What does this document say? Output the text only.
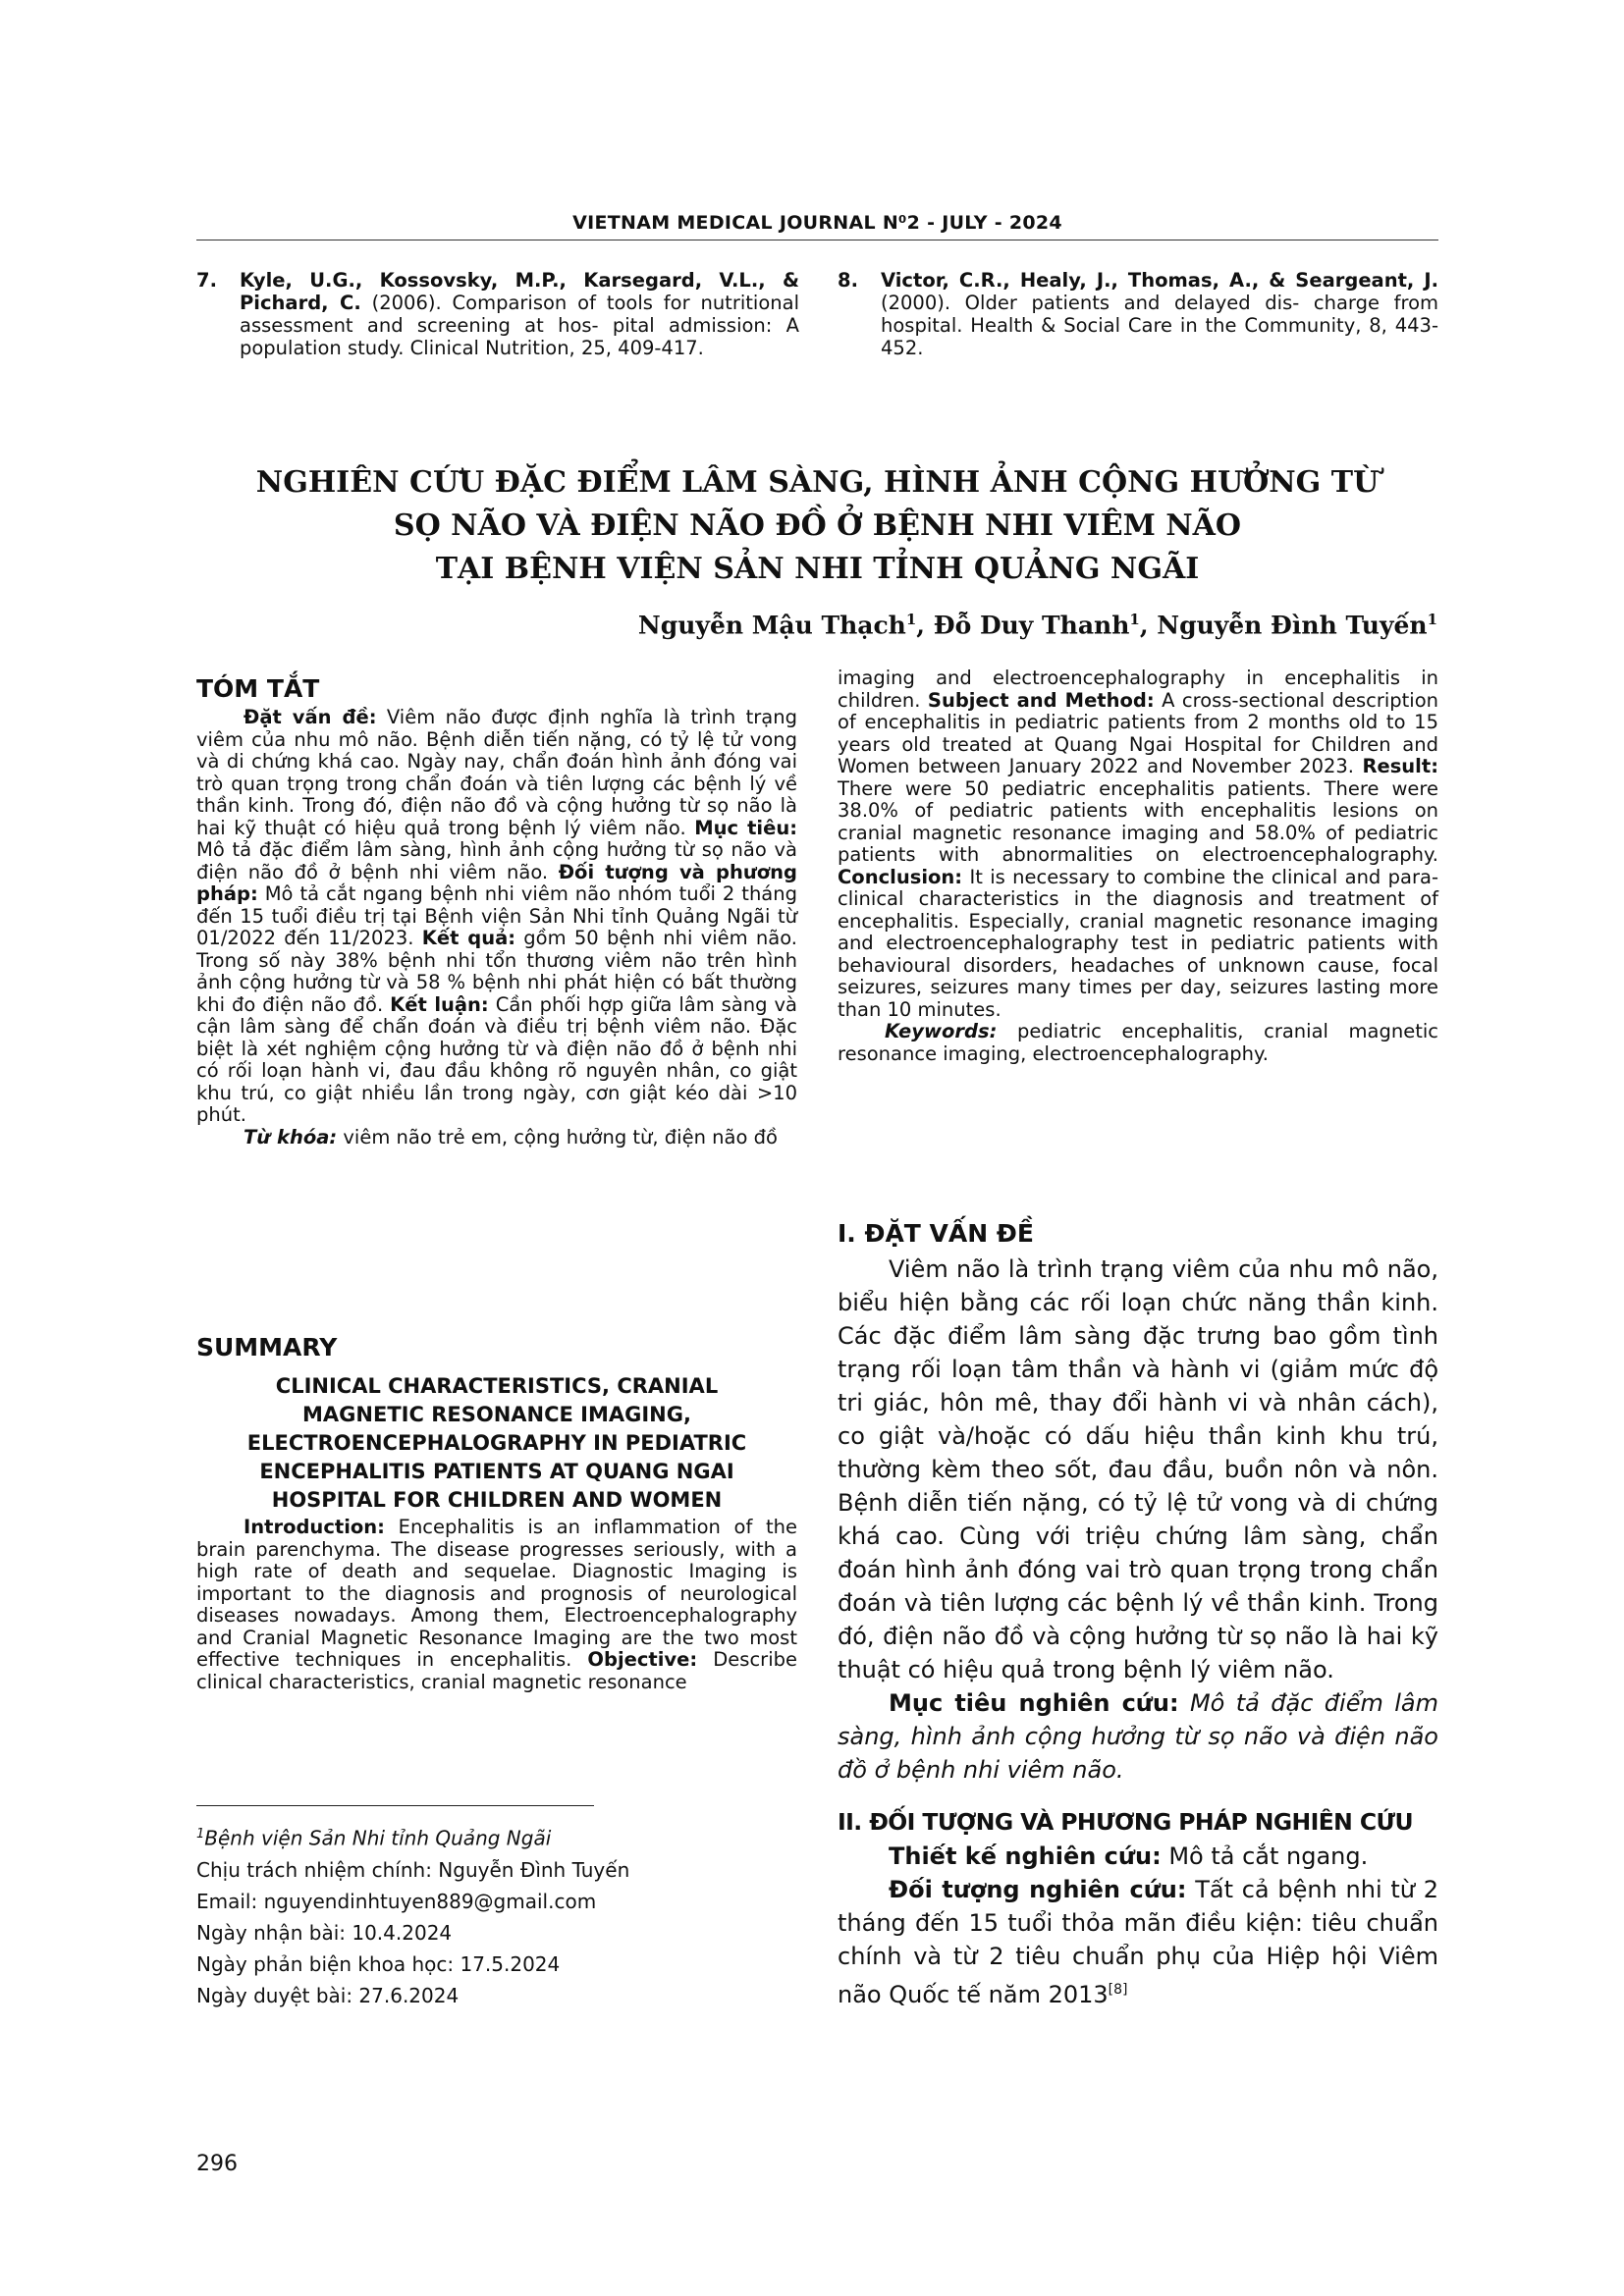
VIETNAM MEDICAL JOURNAL N⁰2 - JULY - 2024
7. Kyle, U.G., Kossovsky, M.P., Karsegard, V.L., & Pichard, C. (2006). Comparison of tools for nutritional assessment and screening at hos- pital admission: A population study. Clinical Nutrition, 25, 409-417.
8. Victor, C.R., Healy, J., Thomas, A., & Seargeant, J. (2000). Older patients and delayed dis- charge from hospital. Health & Social Care in the Community, 8, 443-452.
NGHIÊN CỨU ĐẶC ĐIỂM LÂM SÀNG, HÌNH ẢNH CỘNG HƯỞNG TỪ
SỌ NÃO VÀ ĐIỆN NÃO ĐỒ Ở BỆNH NHI VIÊM NÃO
TẠI BỆNH VIỆN SẢN NHI TỈNH QUẢNG NGÃI
Nguyễn Mậu Thạch$^1$, Đỗ Duy Thanh$^1$, Nguyễn Đình Tuyến$^1$
TÓM TẮT

Đặt vấn đề: Viêm não được định nghĩa là trình trạng viêm của nhu mô não. Bệnh diễn tiến nặng, có tỷ lệ tử vong và di chứng khá cao. Ngày nay, chẩn đoán hình ảnh đóng vai trò quan trọng trong chẩn đoán và tiên lượng các bệnh lý về thần kinh. Trong đó, điện não đồ và cộng hưởng từ sọ não là hai kỹ thuật có hiệu quả trong bệnh lý viêm não. Mục tiêu: Mô tả đặc điểm lâm sàng, hình ảnh cộng hưởng từ sọ não và điện não đồ ở bệnh nhi viêm não. Đối tượng và phương pháp: Mô tả cắt ngang bệnh nhi viêm não nhóm tuổi 2 tháng đến 15 tuổi điều trị tại Bệnh viện Sản Nhi tỉnh Quảng Ngãi từ 01/2022 đến 11/2023. Kết quả: gồm 50 bệnh nhi viêm não. Trong số này 38% bệnh nhi tổn thương viêm não trên hình ảnh cộng hưởng từ và 58 % bệnh nhi phát hiện có bất thường khi đo điện não đồ. Kết luận: Cần phối hợp giữa lâm sàng và cận lâm sàng để chẩn đoán và điều trị bệnh viêm não. Đặc biệt là xét nghiệm cộng hưởng từ và điện não đồ ở bệnh nhi có rối loạn hành vi, đau đầu không rõ nguyên nhân, co giật khu trú, co giật nhiều lần trong ngày, cơn giật kéo dài >10 phút.

Từ khóa: viêm não trẻ em, cộng hưởng từ, điện não đồ

SUMMARY
CLINICAL CHARACTERISTICS, CRANIAL
MAGNETIC RESONANCE IMAGING,
ELECTROENCEPHALOGRAPHY IN PEDIATRIC
ENCEPHALITIS PATIENTS AT QUANG NGAI
HOSPITAL FOR CHILDREN AND WOMEN

Introduction: Encephalitis is an inflammation of the brain parenchyma. The disease progresses seriously, with a high rate of death and sequelae. Diagnostic Imaging is important to the diagnosis and prognosis of neurological diseases nowadays. Among them, Electroencephalography and Cranial Magnetic Resonance Imaging are the two most effective techniques in encephalitis. Objective: Describe clinical characteristics, cranial magnetic resonance

$^1$Bệnh viện Sản Nhi tỉnh Quảng Ngãi
Chịu trách nhiệm chính: Nguyễn Đình Tuyến
Email: nguyendinhtuyen889@gmail.com
Ngày nhận bài: 10.4.2024
Ngày phản biện khoa học: 17.5.2024
Ngày duyệt bài: 27.6.2024
296

imaging and electroencephalography in encephalitis in children. Subject and Method: A cross-sectional description of encephalitis in pediatric patients from 2 months old to 15 years old treated at Quang Ngai Hospital for Children and Women between January 2022 and November 2023. Result: There were 50 pediatric encephalitis patients. There were 38.0% of pediatric patients with encephalitis lesions on cranial magnetic resonance imaging and 58.0% of pediatric patients with abnormalities on electroencephalography. Conclusion: It is necessary to combine the clinical and para-clinical characteristics in the diagnosis and treatment of encephalitis. Especially, cranial magnetic resonance imaging and electroencephalography test in pediatric patients with behavioural disorders, headaches of unknown cause, focal seizures, seizures many times per day, seizures lasting more than 10 minutes.

Keywords: pediatric encephalitis, cranial magnetic resonance imaging, electroencephalography.

I. ĐẶT VẤN ĐỀ

Viêm não là trình trạng viêm của nhu mô não, biểu hiện bằng các rối loạn chức năng thần kinh. Các đặc điểm lâm sàng đặc trưng bao gồm tình trạng rối loạn tâm thần và hành vi (giảm mức độ tri giác, hôn mê, thay đổi hành vi và nhân cách), co giật và/hoặc có dấu hiệu thần kinh khu trú, thường kèm theo sốt, đau đầu, buồn nôn và nôn. Bệnh diễn tiến nặng, có tỷ lệ tử vong và di chứng khá cao. Cùng với triệu chứng lâm sàng, chẩn đoán hình ảnh đóng vai trò quan trọng trong chẩn đoán và tiên lượng các bệnh lý về thần kinh. Trong đó, điện não đồ và cộng hưởng từ sọ não là hai kỹ thuật có hiệu quả trong bệnh lý viêm não.

Mục tiêu nghiên cứu: Mô tả đặc điểm lâm sàng, hình ảnh cộng hưởng từ sọ não và điện não đồ ở bệnh nhi viêm não.

II. ĐỐI TƯỢNG VÀ PHƯƠNG PHÁP NGHIÊN CỨU

Thiết kế nghiên cứu: Mô tả cắt ngang.

Đối tượng nghiên cứu: Tất cả bệnh nhi từ 2 tháng đến 15 tuổi thỏa mãn điều kiện: tiêu chuẩn chính và từ 2 tiêu chuẩn phụ của Hiệp hội Viêm não Quốc tế năm 2013[8]
